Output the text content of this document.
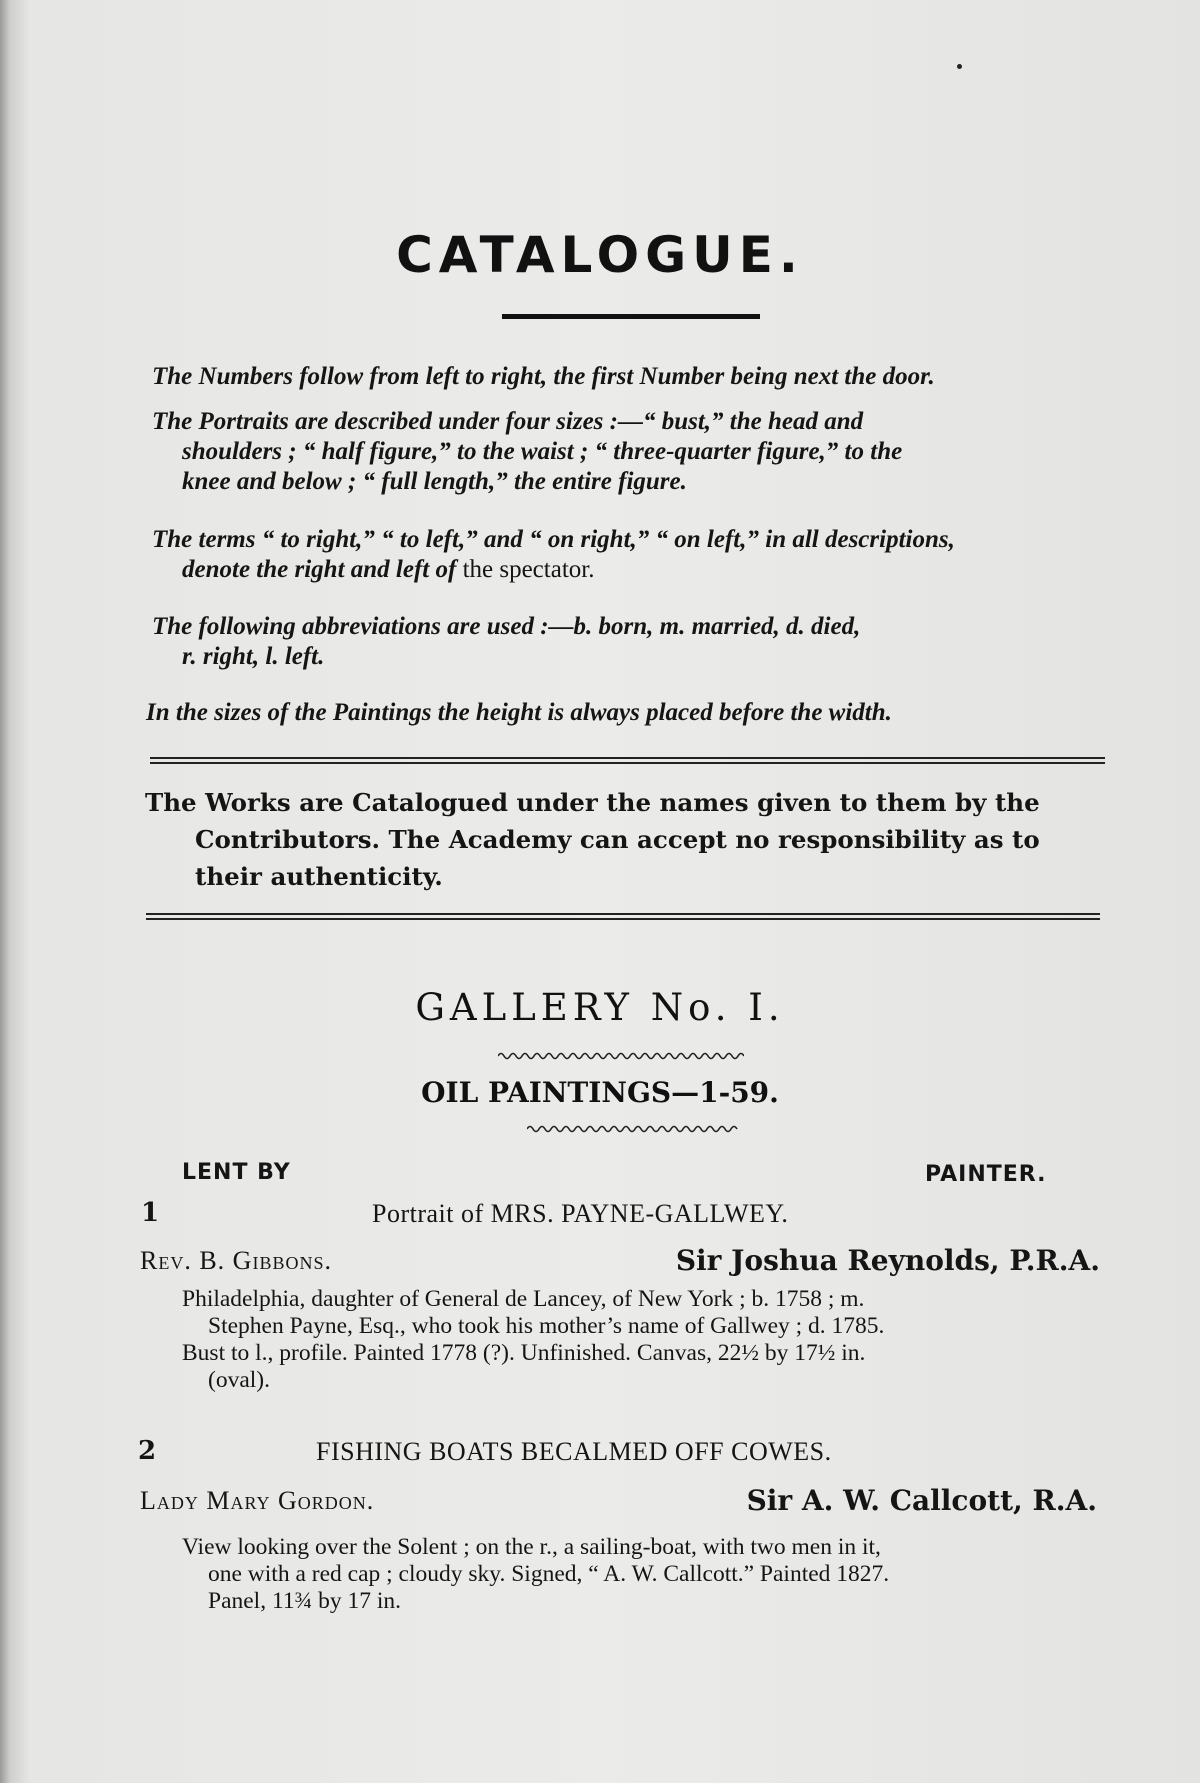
CATALOGUE.
The Numbers follow from left to right, the first Number being next the door.
The Portraits are described under four sizes :—“ bust,” the head and
shoulders ; “ half figure,” to the waist ; “ three-quarter figure,” to the
knee and below ; “ full length,” the entire figure.
The terms “ to right,” “ to left,” and “ on right,” “ on left,” in all descriptions,
denote the right and left of the spectator.
The following abbreviations are used :—b. born, m. married, d. died,
r. right, l. left.
In the sizes of the Paintings the height is always placed before the width.
The Works are Catalogued under the names given to them by the
Contributors. The Academy can accept no responsibility as to
their authenticity.
GALLERY No. I.
OIL PAINTINGS—1-59.
LENT BY	PAINTER.
1	Portrait of MRS. PAYNE-GALLWEY.
Rev. B. Gibbons.	Sir Joshua Reynolds, P.R.A.
Philadelphia, daughter of General de Lancey, of New York ; b. 1758 ; m.
Stephen Payne, Esq., who took his mother’s name of Gallwey ; d. 1785.
Bust to l., profile. Painted 1778 (?). Unfinished. Canvas, 22½ by 17½ in.
(oval).
2	FISHING BOATS BECALMED OFF COWES.
Lady Mary Gordon.	Sir A. W. Callcott, R.A.
View looking over the Solent ; on the r., a sailing-boat, with two men in it,
one with a red cap ; cloudy sky. Signed, “ A. W. Callcott.” Painted 1827.
Panel, 11¾ by 17 in.
